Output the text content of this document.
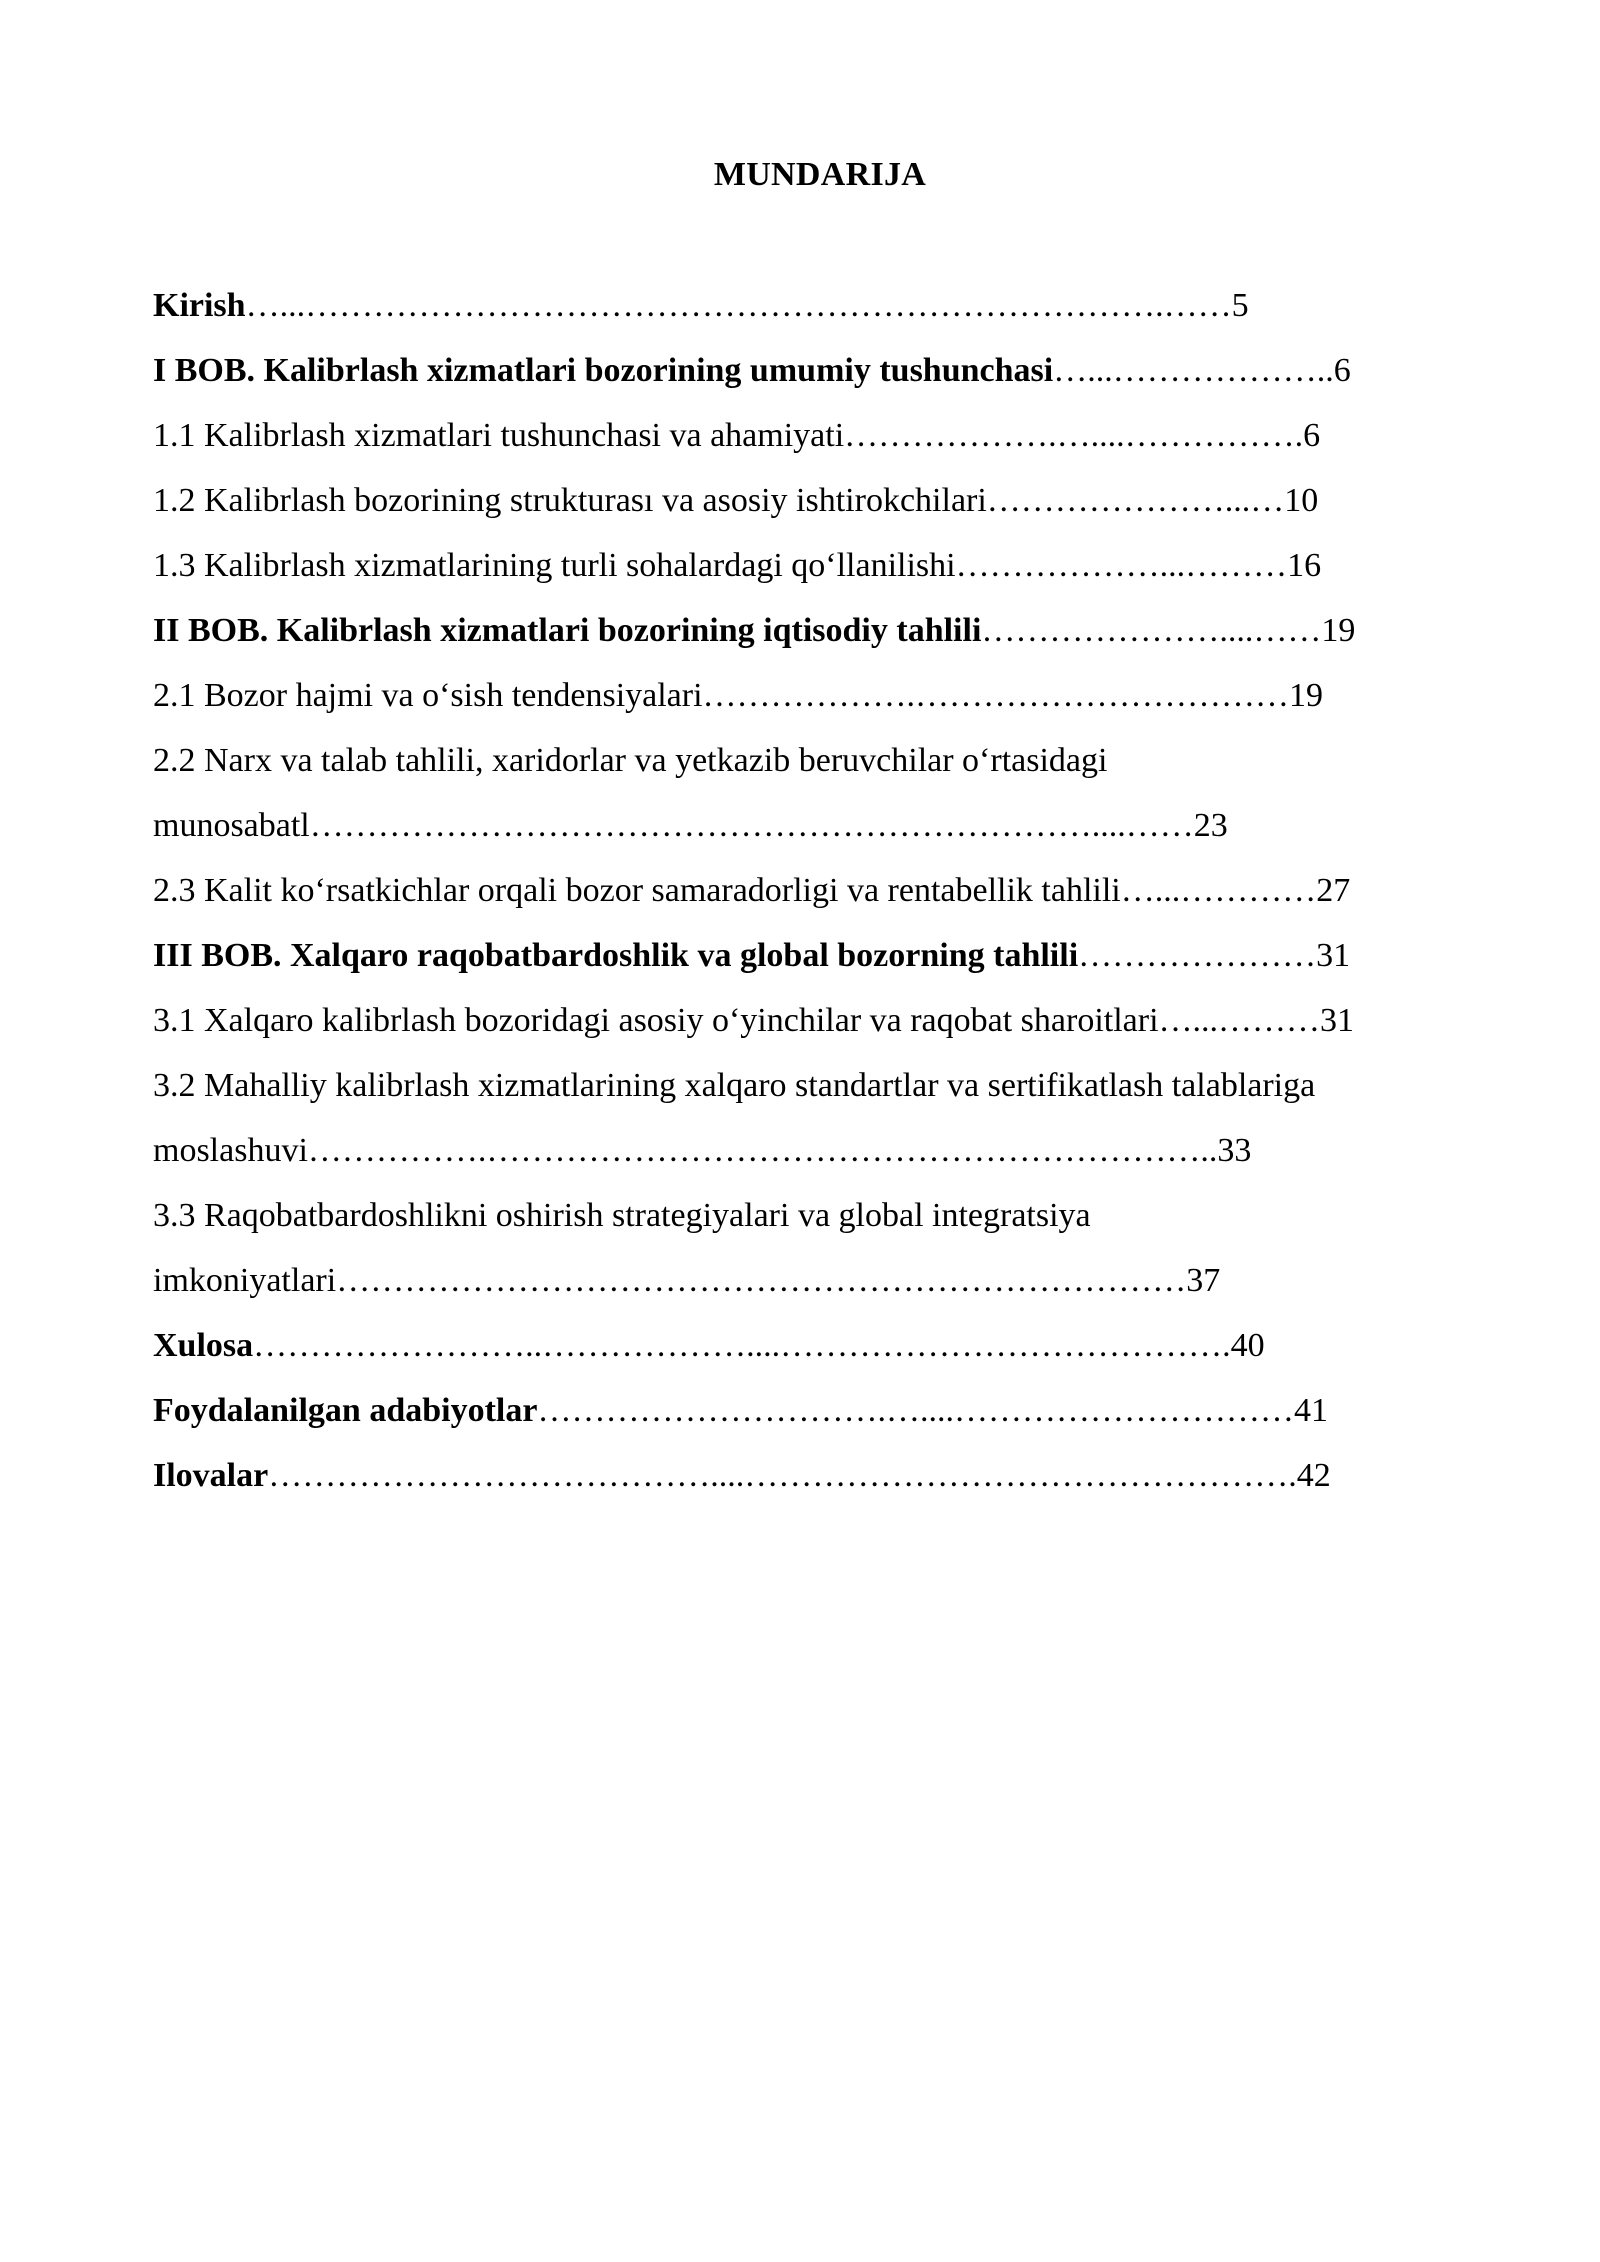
MUNDARIJA
Kirish…...………………………………………………………………….……5
I BOB. Kalibrlash xizmatlari bozorining umumiy tushunchasi…...………………..6
1.1 Kalibrlash xizmatlari tushunchasi va ahamiyati……………….…....…………….6
1.2 Kalibrlash bozorining strukturası va asosiy ishtirokchilari…………………...…10
1.3 Kalibrlash xizmatlarining turli sohalardagi qoʻllanilishi………………...………16
II BOB. Kalibrlash xizmatlari bozorining iqtisodiy tahlili…………………....……19
2.1 Bozor hajmi va oʻsish tendensiyalari……………….……………………………19
2.2 Narx va talab tahlili, xaridorlar va yetkazib beruvchilar oʻrtasidagi
munosabatl……………………………………………………………....……23
2.3 Kalit koʻrsatkichlar orqali bozor samaradorligi va rentabellik tahlili…...…………27
III BOB. Xalqaro raqobatbardoshlik va global bozorning tahlili…………………31
3.1 Xalqaro kalibrlash bozoridagi asosiy oʻyinchilar va raqobat sharoitlari…...………31
3.2 Mahalliy kalibrlash xizmatlarining xalqaro standartlar va sertifikatlash talablariga
moslashuvi…………….………………………………………………………..33
3.3 Raqobatbardoshlikni oshirish strategiyalari va global integratsiya
imkoniyatlari…………………………………………………………………37
Xulosa……………………..………………....………………………………….40
Foydalanilgan adabiyotlar………………………….…....…………………………41
Ilovalar…………………………………....………………………………………….42
